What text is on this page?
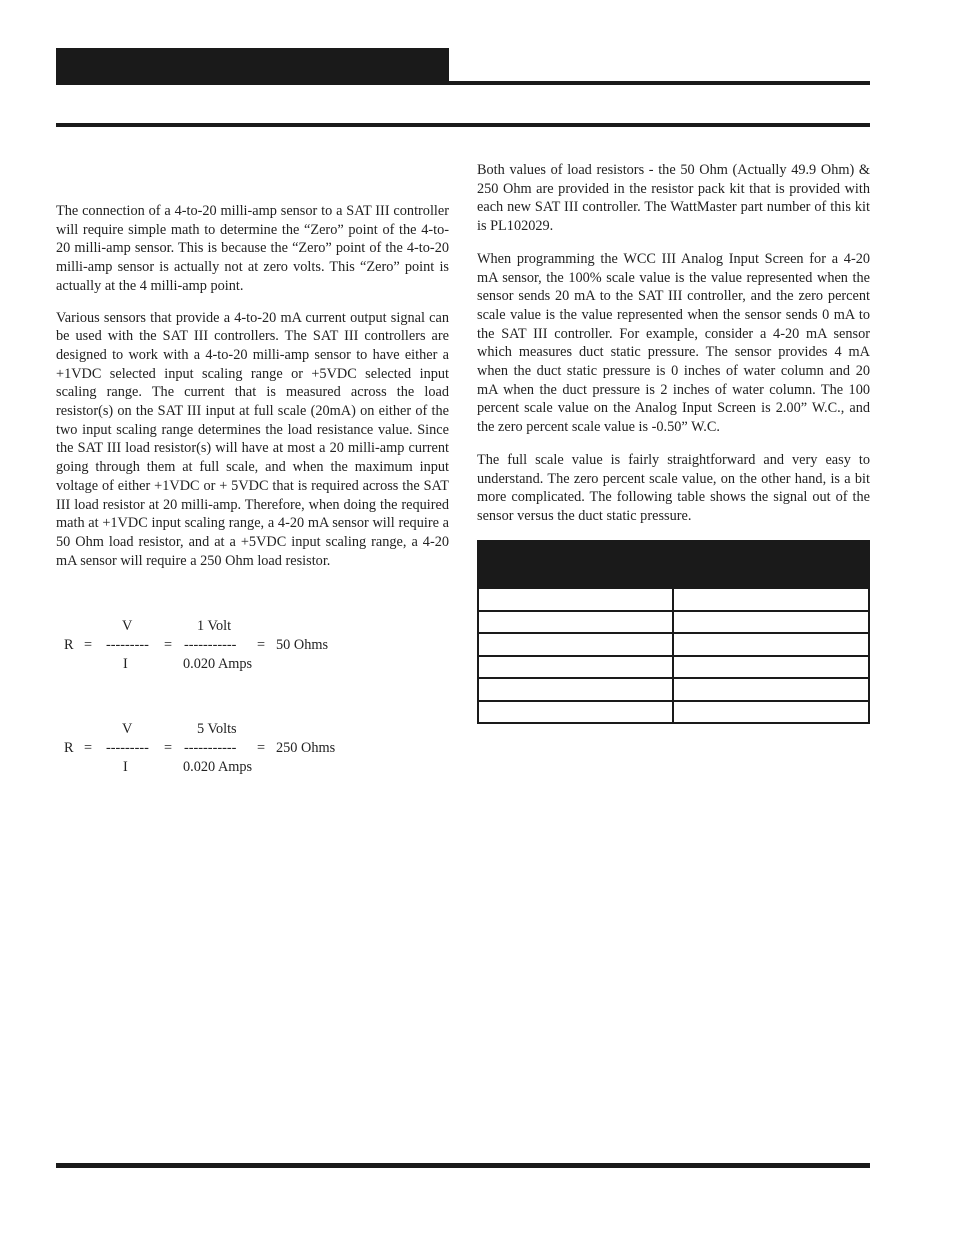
The connection of a 4-to-20 milli-amp sensor to a SAT III controller will require simple math to determine the “Zero” point of the 4-to-20 milli-amp sensor. This is because the “Zero” point of the 4-to-20 milli-amp sensor is actually not at zero volts. This “Zero” point is actually at the 4 milli-amp point.

Various sensors that provide a 4-to-20 mA current output signal can be used with the SAT III controllers. The SAT III controllers are designed to work with a 4-to-20 milli-amp sensor to have either a +1VDC selected input scaling range or +5VDC selected input scaling range. The current that is measured across the load resistor(s) on the SAT III input at full scale (20mA) on either of the two input scaling range determines the load resistance value. Since the SAT III load resistor(s) will have at most a 20 milli-amp current going through them at full scale, and when the maximum input voltage of either +1VDC or + 5VDC that is required across the SAT III load resistor at 20 milli-amp. Therefore, when doing the required math at +1VDC input scaling range, a 4-20 mA sensor will require a 50 Ohm load resistor, and at a +5VDC input scaling range, a 4-20 mA sensor will require a 250 Ohm load resistor.

R =
V
---------
I
=
1 Volt
-----------
0.020 Amps
= 50 Ohms
R =
V
---------
I
=
5 Volts
-----------
0.020 Amps
= 250 Ohms

Both values of load resistors - the 50 Ohm (Actually 49.9 Ohm) & 250 Ohm are provided in the resistor pack kit that is provided with each new SAT III controller. The WattMaster part number of this kit is PL102029.

When programming the WCC III Analog Input Screen for a 4-20 mA sensor, the 100% scale value is the value represented when the sensor sends 20 mA to the SAT III controller, and the zero percent scale value is the value represented when the sensor sends 0 mA to the SAT III controller. For example, consider a 4-20 mA sensor which measures duct static pressure. The sensor provides 4 mA when the duct static pressure is 0 inches of water column and 20 mA when the duct pressure is 2 inches of water column. The 100 percent scale value on the Analog Input Screen is 2.00” W.C., and the zero percent scale value is -0.50” W.C.

The full scale value is fairly straightforward and very easy to understand. The zero percent scale value, on the other hand, is a bit more complicated. The following table shows the signal out of the sensor versus the duct static pressure.
